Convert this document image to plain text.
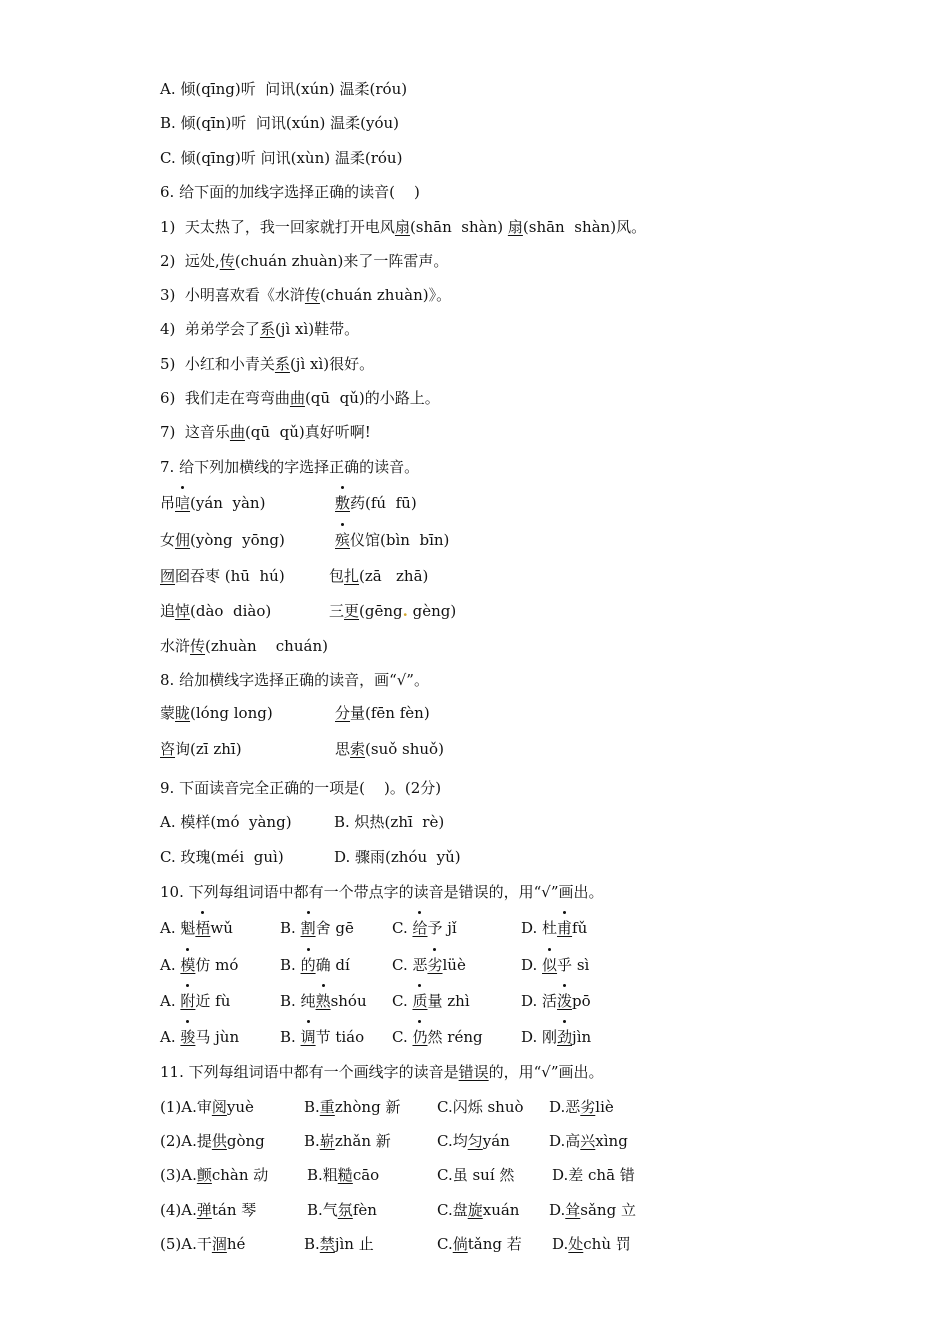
A. 倾(qīng)听  问讯(xún) 温柔(róu)
B. 倾(qīn)听  问讯(xún) 温柔(yóu)
C. 倾(qīng)听 问讯(xùn) 温柔(róu)
6. 给下面的加线字选择正确的读音(    )
1)  天太热了，我一回家就打开电风扇(shān  shàn) 扇(shān  shàn)风。
2)  远处,传(chuán zhuàn)来了一阵雷声。
3)  小明喜欢看《水浒传(chuán zhuàn)》。
4)  弟弟学会了系(jì xì)鞋带。
5)  小红和小青关系(jì xì)很好。
6)  我们走在弯弯曲曲(qū  qǔ)的小路上。
7)  这音乐曲(qū  qǔ)真好听啊!
7. 给下列加横线的字选择正确的读音。
吊唁(yán  yàn)	敷药(fú  fū)
女佣(yòng  yōng)	殡仪馆(bìn  bīn)
囫囵吞枣 (hū  hú)	包扎(zā   zhā)
追悼(dào  diào)	三更(gēng. gèng)
水浒传(zhuàn    chuán)
8. 给加横线字选择正确的读音，画“√”。
蒙眬(lóng long)	分量(fēn fèn)
咨询(zī zhī)	思索(suǒ shuǒ)
9. 下面读音完全正确的一项是(    )。(2分)
A. 模样(mó  yàng)	B. 炽热(zhī  rè)
C. 玫瑰(méi  guì)	D. 骤雨(zhóu  yǔ)
10. 下列每组词语中都有一个带点字的读音是错误的，用“√”画出。
A. 魁梧wǔ	B. 割舍 gē	C. 给予 jǐ	D. 杜甫fǔ
A. 模仿 mó	B. 的确 dí	C. 恶劣lüè	D. 似乎 sì
A. 附近 fù	B. 纯熟shóu C. 质量 zhì	D. 活泼pō
A. 骏马 jùn	B. 调节 tiáo C. 仍然 réng	D. 刚劲jìn
11. 下列每组词语中都有一个画线字的读音是错误的，用“√”画出。
(1)A.审阅yuè	B.重zhòng 新 C.闪烁 shuò D.恶劣liè
(2)A.提供gòng	B.崭zhǎn 新	C.均匀yán	D.高兴xìng
(3)A.颤chàn 动	B.粗糙cāo	C.虽 suí 然	D.差 chā 错
(4)A.弹tán 琴	B.气氛fèn	C.盘旋xuán D.耸sǎng 立
(5)A.干涸hé	B.禁jìn 止	C.倘tǎng 若 D.处chù 罚
